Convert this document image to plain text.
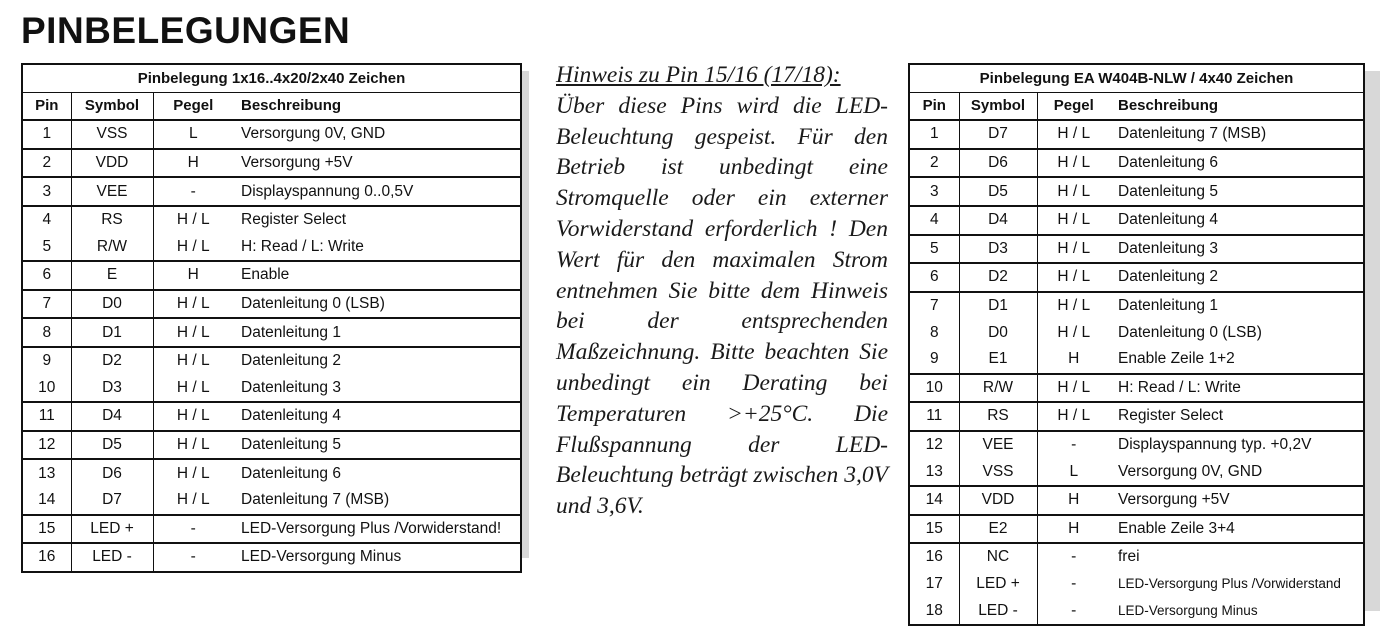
PINBELEGUNGEN
Pinbelegung 1x16..4x20/2x40 Zeichen			
Pin	Symbol	Pegel	Beschreibung
1	VSS	L	Versorgung 0V, GND
2	VDD	H	Versorgung +5V
3	VEE	-	Displayspannung 0..0,5V
4	RS	H / L	Register Select
5	R/W	H / L	H: Read / L: Write
6	E	H	Enable
7	D0	H / L	Datenleitung 0 (LSB)
8	D1	H / L	Datenleitung 1
9	D2	H / L	Datenleitung 2
10	D3	H / L	Datenleitung 3
11	D4	H / L	Datenleitung 4
12	D5	H / L	Datenleitung 5
13	D6	H / L	Datenleitung 6
14	D7	H / L	Datenleitung 7 (MSB)
15	LED +	-	LED-Versorgung Plus /Vorwiderstand!
16	LED -	-	LED-Versorgung Minus

Hinweis zu Pin 15/16 (17/18):
Über diese Pins wird die LED-Beleuchtung gespeist. Für den Betrieb ist unbedingt eine Stromquelle oder ein externer Vorwiderstand erforderlich ! Den Wert für den maximalen Strom entnehmen Sie bitte dem Hinweis bei der entsprechenden Maßzeichnung. Bitte beachten Sie unbedingt ein Derating bei Temperaturen >+25°C. Die Flußspannung der LED-Beleuchtung beträgt zwischen 3,0V und 3,6V.

Pinbelegung EA W404B-NLW / 4x40 Zeichen			
Pin	Symbol	Pegel	Beschreibung
1	D7	H / L	Datenleitung 7 (MSB)
2	D6	H / L	Datenleitung 6
3	D5	H / L	Datenleitung 5
4	D4	H / L	Datenleitung 4
5	D3	H / L	Datenleitung 3
6	D2	H / L	Datenleitung 2
7	D1	H / L	Datenleitung 1
8	D0	H / L	Datenleitung 0 (LSB)
9	E1	H	Enable Zeile 1+2
10	R/W	H / L	H: Read / L: Write
11	RS	H / L	Register Select
12	VEE	-	Displayspannung typ. +0,2V
13	VSS	L	Versorgung 0V, GND
14	VDD	H	Versorgung +5V
15	E2	H	Enable Zeile 3+4
16	NC	-	frei
17	LED +	-	LED-Versorgung Plus /Vorwiderstand
18	LED -	-	LED-Versorgung Minus
